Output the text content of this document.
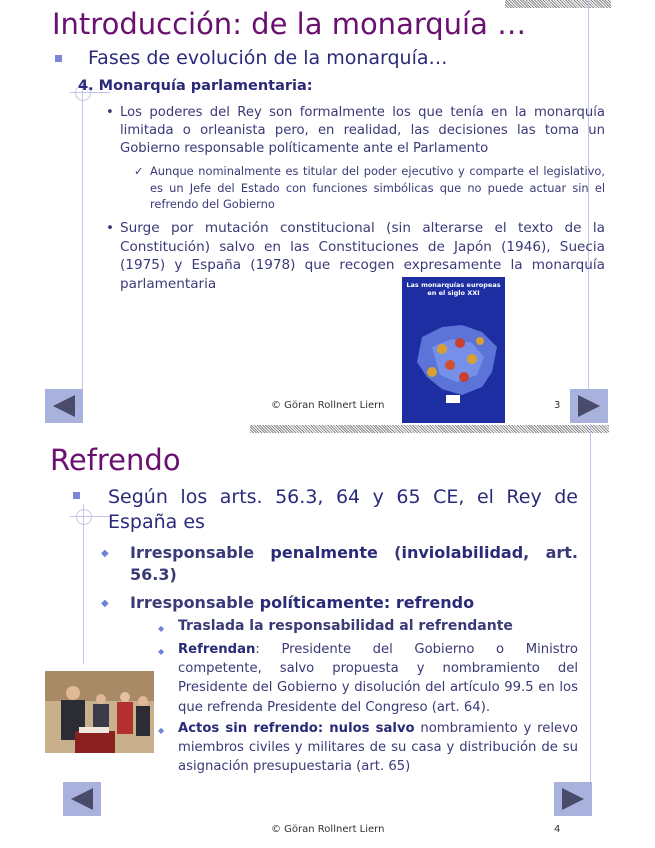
Introducción: de la monarquía …
Fases de evolución de la monarquía…
4. Monarquía parlamentaria:
• Los poderes del Rey son formalmente los que tenía en la monarquía limitada o orleanista pero, en realidad, las decisiones las toma un Gobierno responsable políticamente ante el Parlamento
✓ Aunque nominalmente es titular del poder ejecutivo y comparte el legislativo, es un Jefe del Estado con funciones simbólicas que no puede actuar sin el refrendo del Gobierno
• Surge por mutación constitucional (sin alterarse el texto de la Constitución) salvo en las Constituciones de Japón (1946), Suecia (1975) y España (1978) que recogen expresamente la monarquía parlamentaria	Las monarquías europeas en el siglo XXI
© Göran Rollnert Liern	3
Refrendo
Según los arts. 56.3, 64 y 65 CE, el Rey de España es
◆ Irresponsable penalmente (inviolabilidad, art. 56.3)
◆ Irresponsable políticamente: refrendo
◆ Traslada la responsabilidad al refrendante
◆ Refrendan: Presidente del Gobierno o Ministro competente, salvo propuesta y nombramiento del Presidente del Gobierno y disolución del artículo 99.5 en los que refrenda Presidente del Congreso (art. 64).
◆ Actos sin refrendo: nulos salvo nombramiento y relevo miembros civiles y militares de su casa y distribución de su asignación presupuestaria (art. 65)
© Göran Rollnert Liern	4
